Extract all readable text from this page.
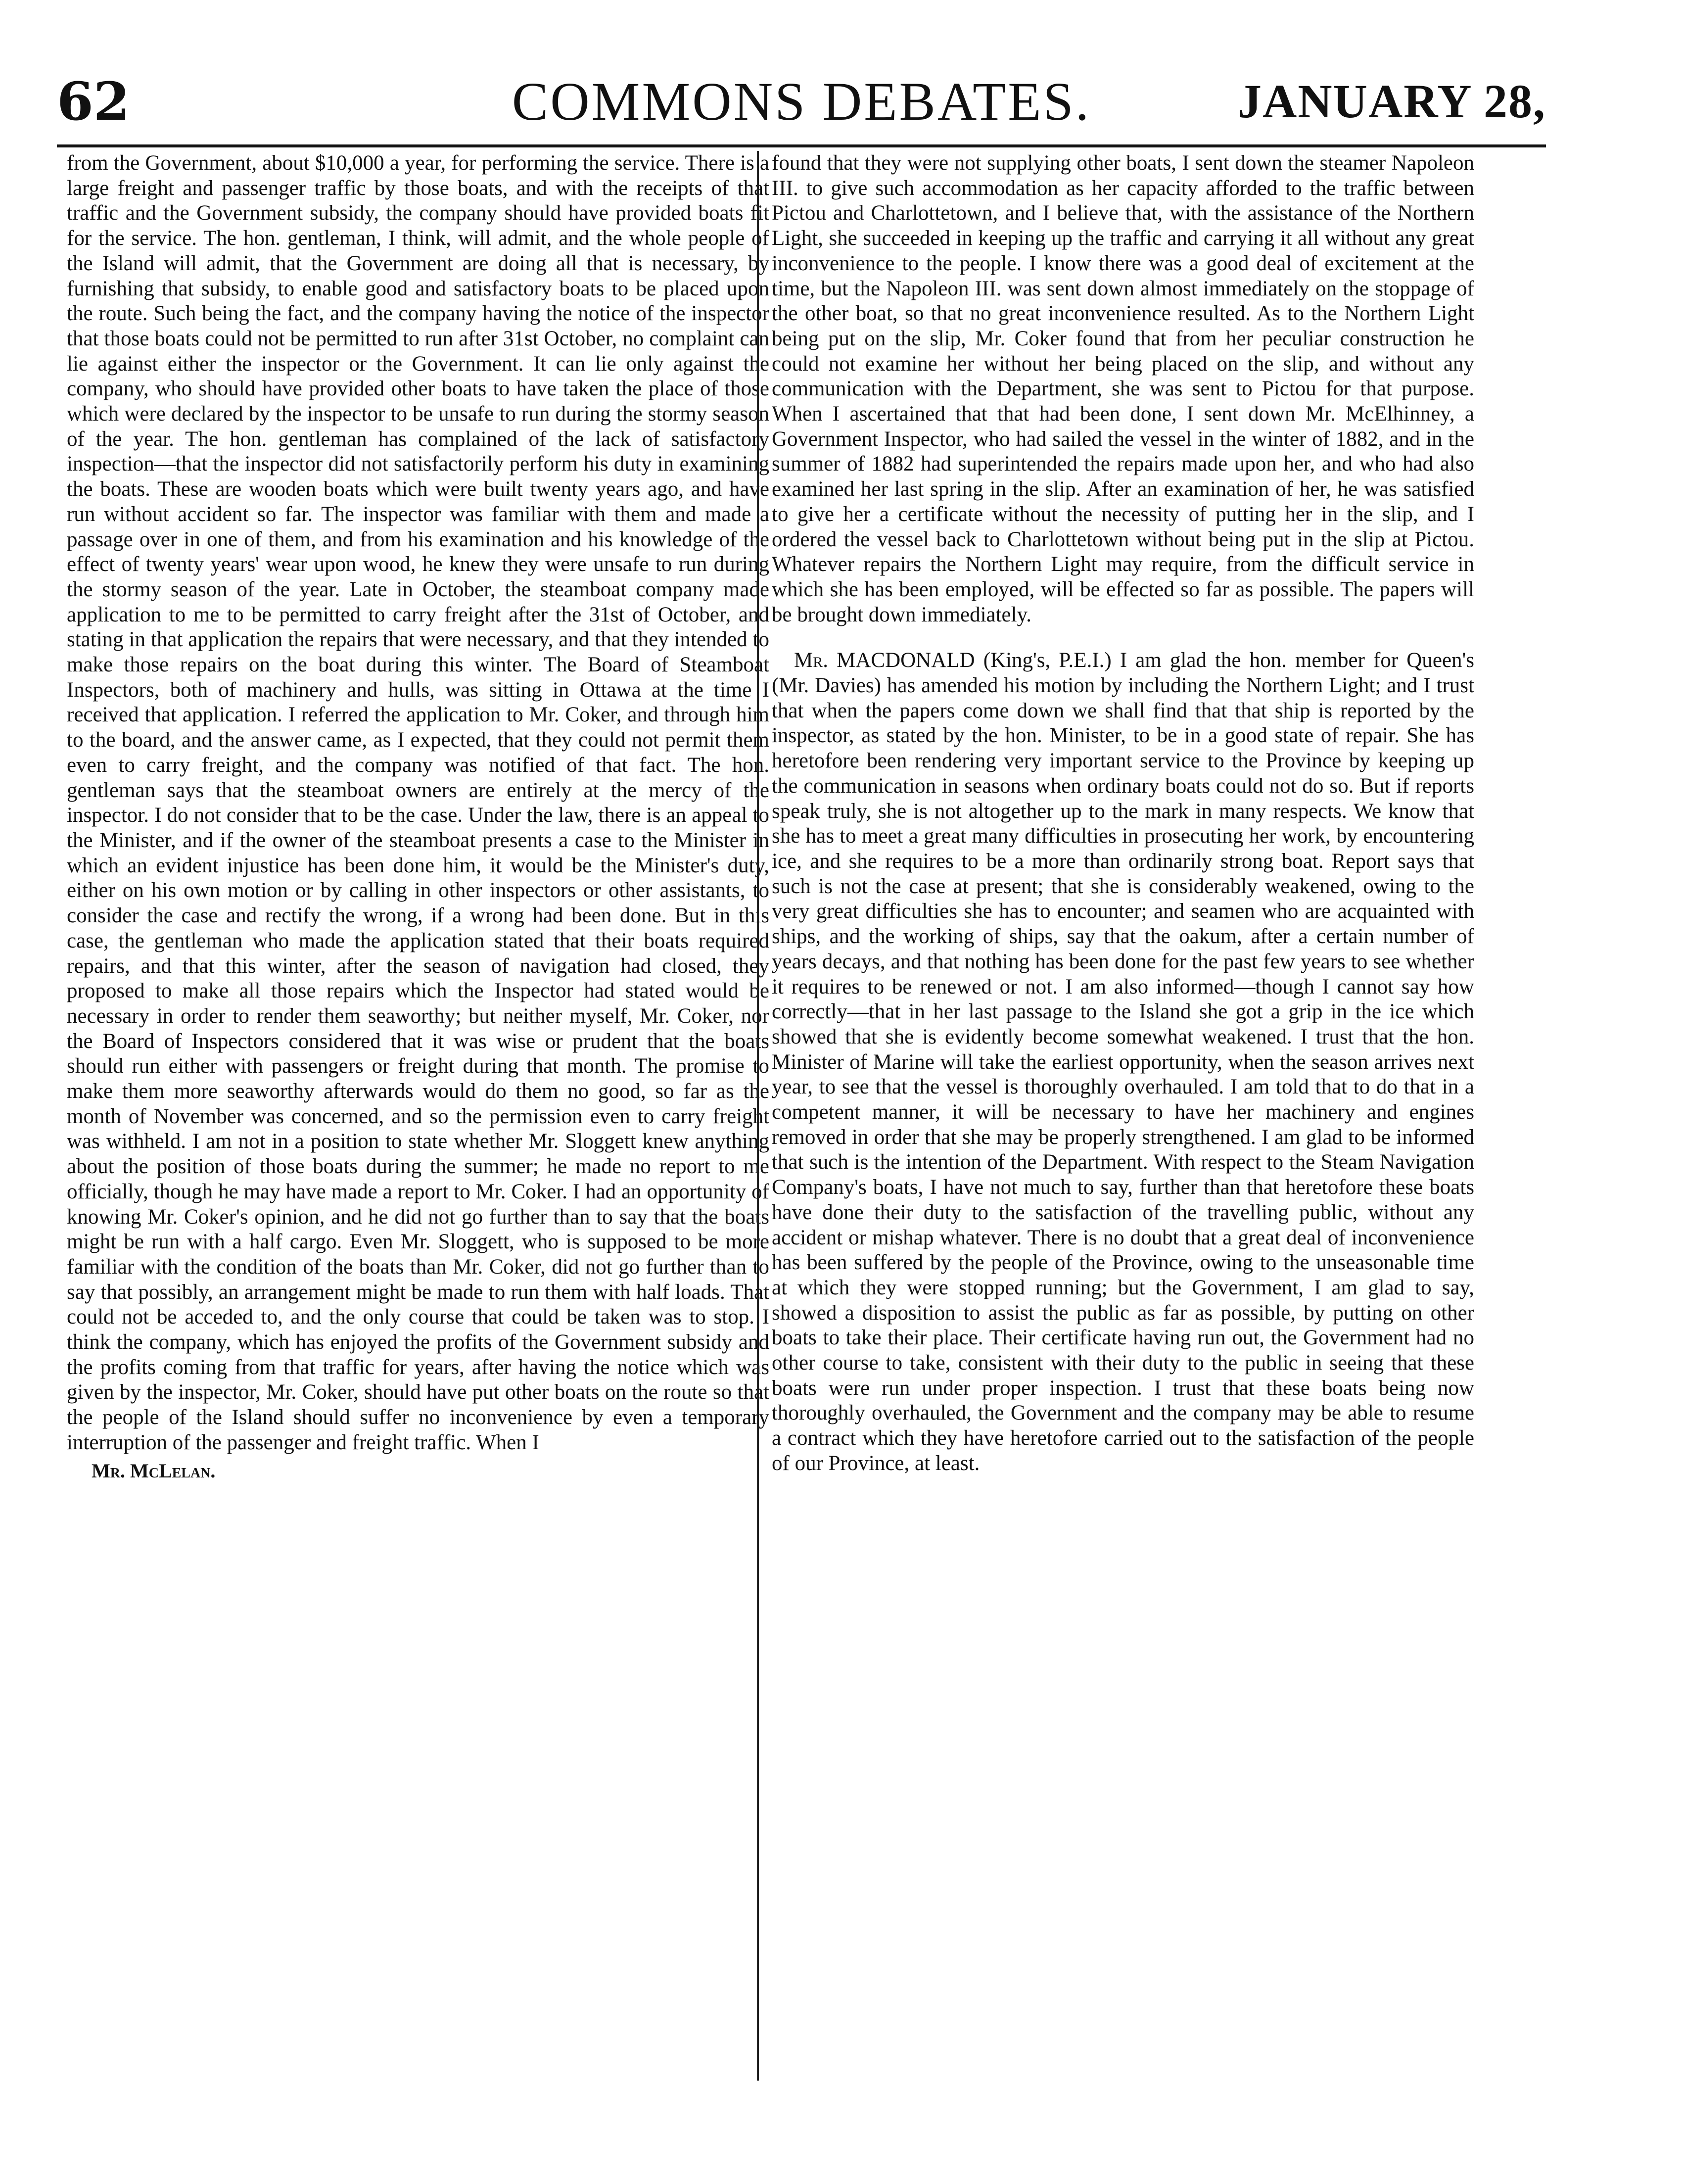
62	COMMONS DEBATES.	JANUARY 28,

from the Government, about $10,000 a year, for performing the service. There is a large freight and passenger traffic by those boats, and with the receipts of that traffic and the Government subsidy, the company should have provided boats fit for the service. The hon. gentleman, I think, will admit, and the whole people of the Island will admit, that the Government are doing all that is necessary, by furnishing that subsidy, to enable good and satisfactory boats to be placed upon the route. Such being the fact, and the company having the notice of the inspector that those boats could not be permitted to run after 31st October, no complaint can lie against either the inspector or the Government. It can lie only against the company, who should have provided other boats to have taken the place of those which were declared by the inspector to be unsafe to run during the stormy season of the year. The hon. gentleman has complained of the lack of satisfactory inspection—that the inspector did not satisfactorily perform his duty in examining the boats. These are wooden boats which were built twenty years ago, and have run without accident so far. The inspector was familiar with them and made a passage over in one of them, and from his examination and his knowledge of the effect of twenty years' wear upon wood, he knew they were unsafe to run during the stormy season of the year. Late in October, the steamboat company made application to me to be permitted to carry freight after the 31st of October, and stating in that application the repairs that were necessary, and that they intended to make those repairs on the boat during this winter. The Board of Steamboat Inspectors, both of machinery and hulls, was sitting in Ottawa at the time I received that application. I referred the application to Mr. Coker, and through him to the board, and the answer came, as I expected, that they could not permit them even to carry freight, and the company was notified of that fact. The hon. gentleman says that the steamboat owners are entirely at the mercy of the inspector. I do not consider that to be the case. Under the law, there is an appeal to the Minister, and if the owner of the steamboat presents a case to the Minister in which an evident injustice has been done him, it would be the Minister's duty, either on his own motion or by calling in other inspectors or other assistants, to consider the case and rectify the wrong, if a wrong had been done. But in this case, the gentleman who made the application stated that their boats required repairs, and that this winter, after the season of navigation had closed, they proposed to make all those repairs which the Inspector had stated would be necessary in order to render them seaworthy; but neither myself, Mr. Coker, nor the Board of Inspectors considered that it was wise or prudent that the boats should run either with passengers or freight during that month. The promise to make them more seaworthy afterwards would do them no good, so far as the month of November was concerned, and so the permission even to carry freight was withheld. I am not in a position to state whether Mr. Sloggett knew anything about the position of those boats during the summer; he made no report to me officially, though he may have made a report to Mr. Coker. I had an opportunity of knowing Mr. Coker's opinion, and he did not go further than to say that the boats might be run with a half cargo. Even Mr. Sloggett, who is supposed to be more familiar with the condition of the boats than Mr. Coker, did not go further than to say that possibly, an arrangement might be made to run them with half loads. That could not be acceded to, and the only course that could be taken was to stop. I think the company, which has enjoyed the profits of the Government subsidy and the profits coming from that traffic for years, after having the notice which was given by the inspector, Mr. Coker, should have put other boats on the route so that the people of the Island should suffer no inconvenience by even a temporary interruption of the passenger and freight traffic. When I

Mr. McLelan.

found that they were not supplying other boats, I sent down the steamer Napoleon III. to give such accommodation as her capacity afforded to the traffic between Pictou and Charlottetown, and I believe that, with the assistance of the Northern Light, she succeeded in keeping up the traffic and carrying it all without any great inconvenience to the people. I know there was a good deal of excitement at the time, but the Napoleon III. was sent down almost immediately on the stoppage of the other boat, so that no great inconvenience resulted. As to the Northern Light being put on the slip, Mr. Coker found that from her peculiar construction he could not examine her without her being placed on the slip, and without any communication with the Department, she was sent to Pictou for that purpose. When I ascertained that that had been done, I sent down Mr. McElhinney, a Government Inspector, who had sailed the vessel in the winter of 1882, and in the summer of 1882 had superintended the repairs made upon her, and who had also examined her last spring in the slip. After an examination of her, he was satisfied to give her a certificate without the necessity of putting her in the slip, and I ordered the vessel back to Charlottetown without being put in the slip at Pictou. Whatever repairs the Northern Light may require, from the difficult service in which she has been employed, will be effected so far as possible. The papers will be brought down immediately.

Mr. MACDONALD (King's, P.E.I.) I am glad the hon. member for Queen's (Mr. Davies) has amended his motion by including the Northern Light; and I trust that when the papers come down we shall find that that ship is reported by the inspector, as stated by the hon. Minister, to be in a good state of repair. She has heretofore been rendering very important service to the Province by keeping up the communication in seasons when ordinary boats could not do so. But if reports speak truly, she is not altogether up to the mark in many respects. We know that she has to meet a great many difficulties in prosecuting her work, by encountering ice, and she requires to be a more than ordinarily strong boat. Report says that such is not the case at present; that she is considerably weakened, owing to the very great difficulties she has to encounter; and seamen who are acquainted with ships, and the working of ships, say that the oakum, after a certain number of years decays, and that nothing has been done for the past few years to see whether it requires to be renewed or not. I am also informed—though I cannot say how correctly—that in her last passage to the Island she got a grip in the ice which showed that she is evidently become somewhat weakened. I trust that the hon. Minister of Marine will take the earliest opportunity, when the season arrives next year, to see that the vessel is thoroughly overhauled. I am told that to do that in a competent manner, it will be necessary to have her machinery and engines removed in order that she may be properly strengthened. I am glad to be informed that such is the intention of the Department. With respect to the Steam Navigation Company's boats, I have not much to say, further than that heretofore these boats have done their duty to the satisfaction of the travelling public, without any accident or mishap whatever. There is no doubt that a great deal of inconvenience has been suffered by the people of the Province, owing to the unseasonable time at which they were stopped running; but the Government, I am glad to say, showed a disposition to assist the public as far as possible, by putting on other boats to take their place. Their certificate having run out, the Government had no other course to take, consistent with their duty to the public in seeing that these boats were run under proper inspection. I trust that these boats being now thoroughly overhauled, the Government and the company may be able to resume a contract which they have heretofore carried out to the satisfaction of the people of our Province, at least.
